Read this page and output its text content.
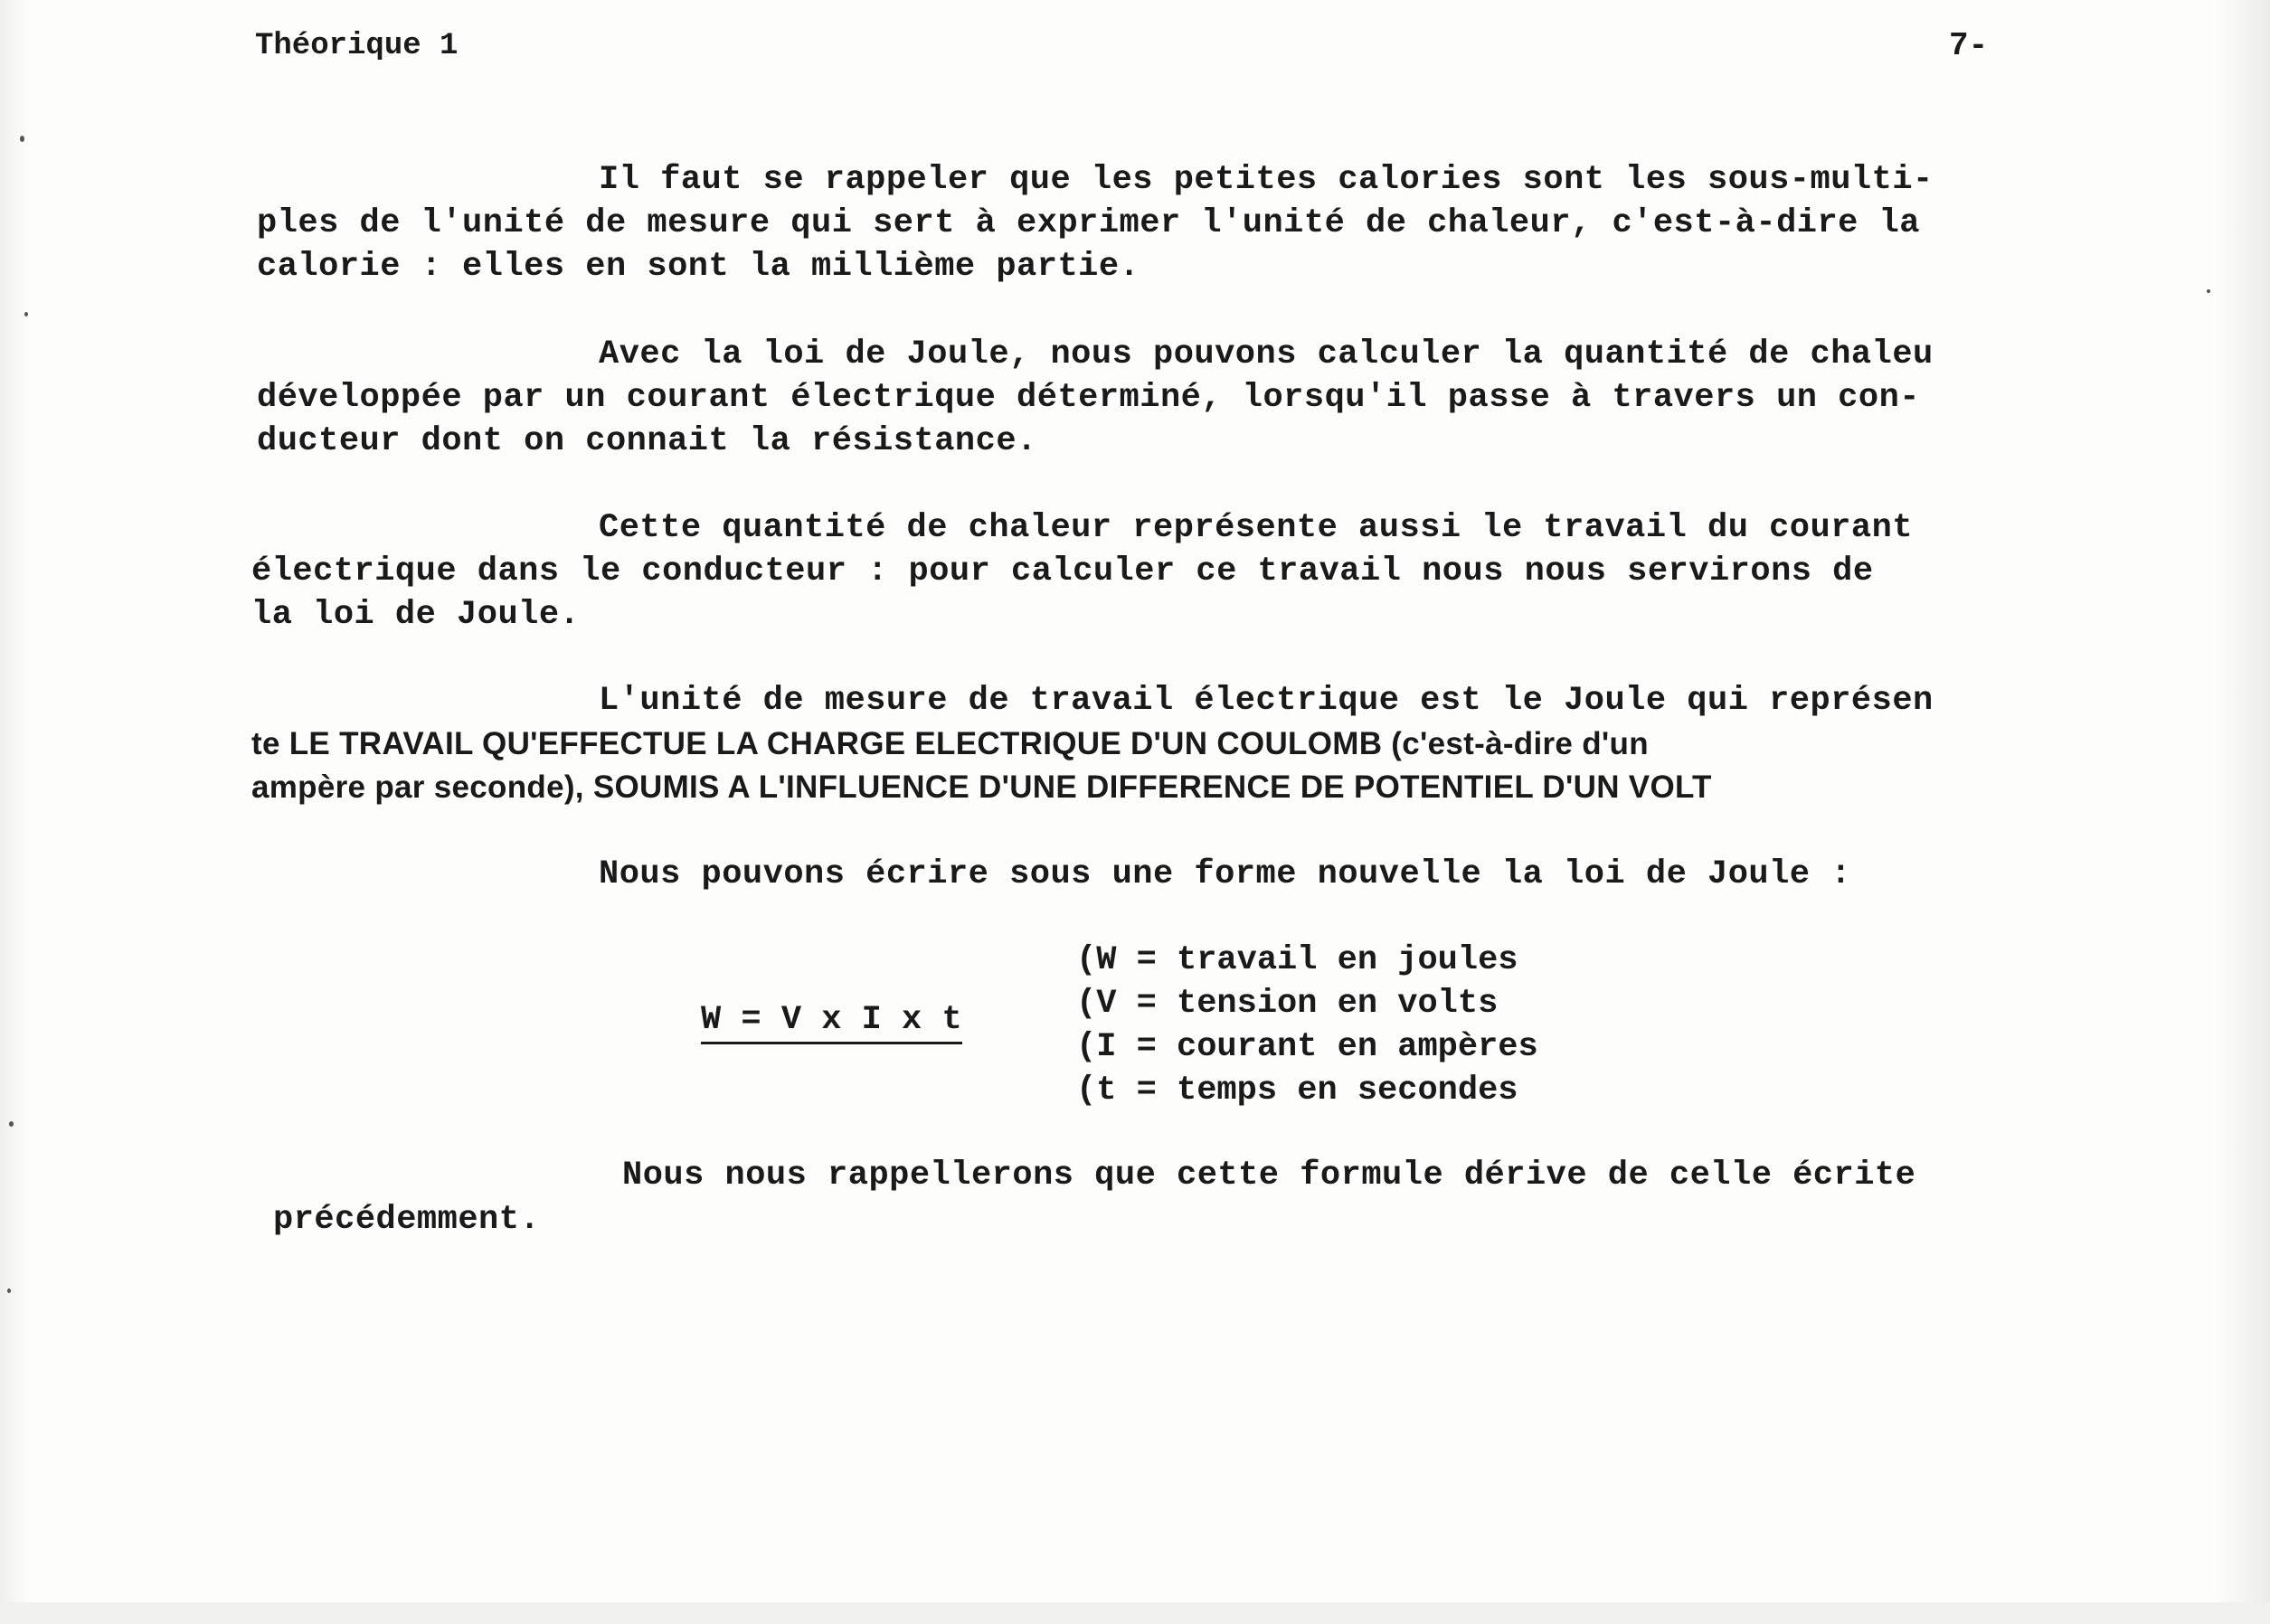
Théorique 1	7-
Il faut se rappeler que les petites calories sont les sous-multi-
ples de l'unité de mesure qui sert à exprimer l'unité de chaleur, c'est-à-dire la
calorie : elles en sont la millième partie.
Avec la loi de Joule, nous pouvons calculer la quantité de chaleu
développée par un courant électrique déterminé, lorsqu'il passe à travers un con-
ducteur dont on connait la résistance.
Cette quantité de chaleur représente aussi le travail du courant
électrique dans le conducteur : pour calculer ce travail nous nous servirons de
la loi de Joule.
L'unité de mesure de travail électrique est le Joule qui représen
te LE TRAVAIL QU'EFFECTUE LA CHARGE ELECTRIQUE D'UN COULOMB (c'est-à-dire d'un
ampère par seconde), SOUMIS A L'INFLUENCE D'UNE DIFFERENCE DE POTENTIEL D'UN VOLT
Nous pouvons écrire sous une forme nouvelle la loi de Joule :
W = V x I x t
(W = travail en joules
(V = tension en volts
(I = courant en ampères
(t = temps en secondes
Nous nous rappellerons que cette formule dérive de celle écrite
précédemment.
